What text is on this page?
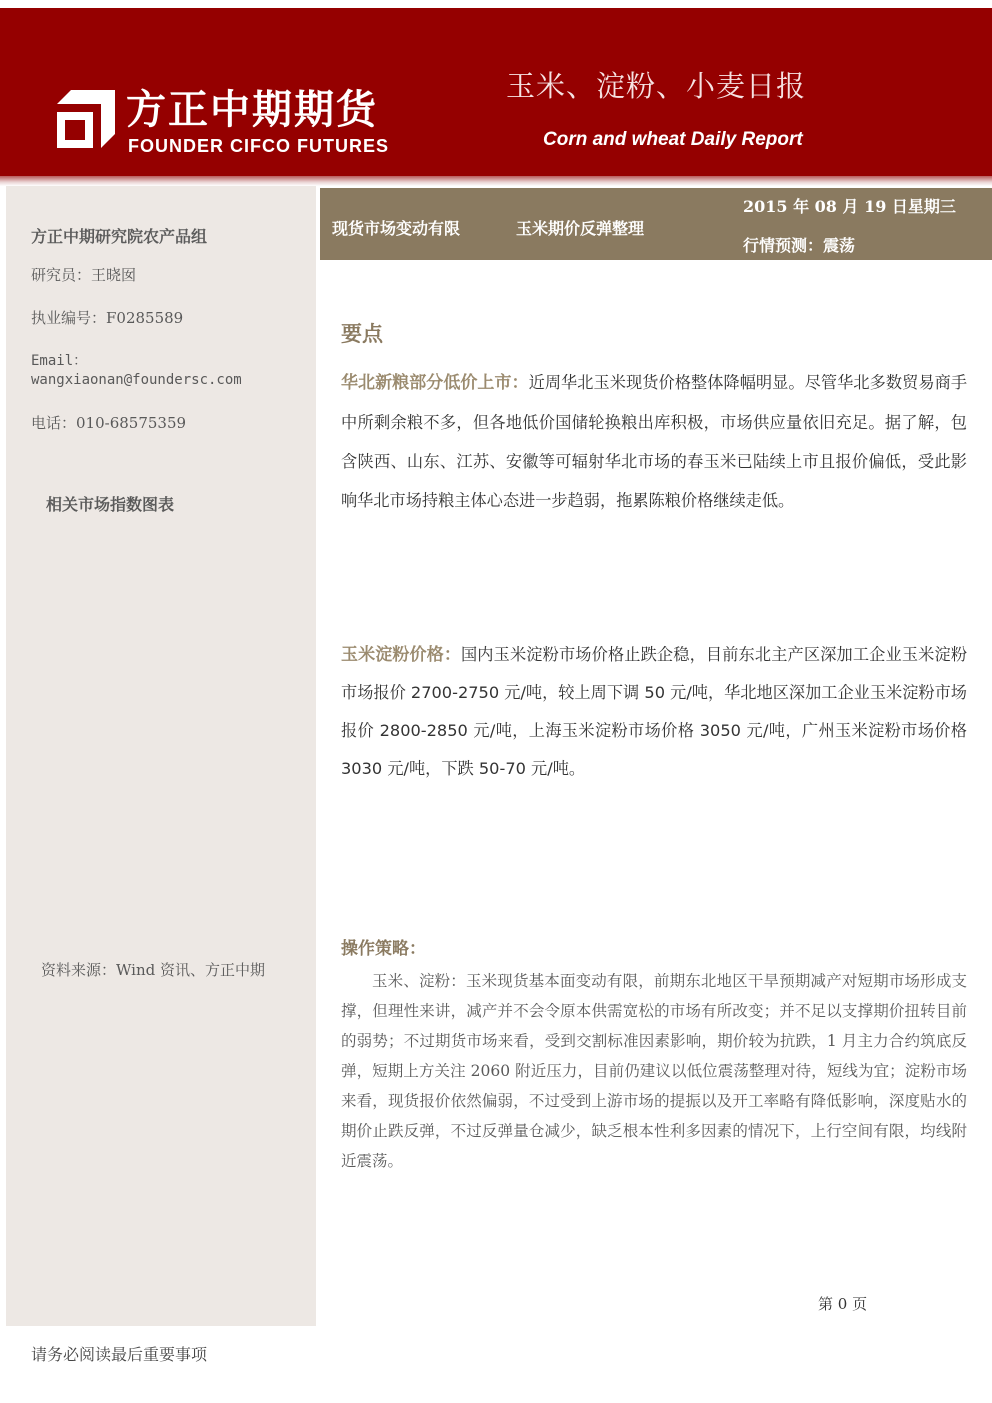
方正中期期货
FOUNDER CIFCO FUTURES
玉米、淀粉、小麦日报
Corn and wheat Daily Report
方正中期研究院农产品组
研究员：王晓囡
执业编号：F0285589
Email：
wangxiaonan@foundersc.com
电话：010-68575359
相关市场指数图表
资料来源：Wind 资讯、方正中期
现货市场变动有限	玉米期价反弹整理
2015 年 08 月 19 日星期三
行情预测：震荡
要点
华北新粮部分低价上市：近周华北玉米现货价格整体降幅明显。尽管华北多数贸易商手中所剩余粮不多，但各地低价国储轮换粮出库积极，市场供应量依旧充足。据了解，包含陕西、山东、江苏、安徽等可辐射华北市场的春玉米已陆续上市且报价偏低，受此影响华北市场持粮主体心态进一步趋弱，拖累陈粮价格继续走低。
玉米淀粉价格：国内玉米淀粉市场价格止跌企稳，目前东北主产区深加工企业玉米淀粉市场报价 2700-2750 元/吨，较上周下调 50 元/吨，华北地区深加工企业玉米淀粉市场报价 2800-2850 元/吨，上海玉米淀粉市场价格 3050 元/吨，广州玉米淀粉市场价格 3030 元/吨，下跌 50-70 元/吨。
操作策略：
玉米、淀粉：玉米现货基本面变动有限，前期东北地区干旱预期减产对短期市场形成支撑，但理性来讲，减产并不会令原本供需宽松的市场有所改变；并不足以支撑期价扭转目前的弱势；不过期货市场来看，受到交割标准因素影响，期价较为抗跌，1 月主力合约筑底反弹，短期上方关注 2060 附近压力，目前仍建议以低位震荡整理对待，短线为宜；淀粉市场来看，现货报价依然偏弱，不过受到上游市场的提振以及开工率略有降低影响，深度贴水的期价止跌反弹，不过反弹量仓减少，缺乏根本性利多因素的情况下，上行空间有限，均线附近震荡。
第 0 页
请务必阅读最后重要事项
